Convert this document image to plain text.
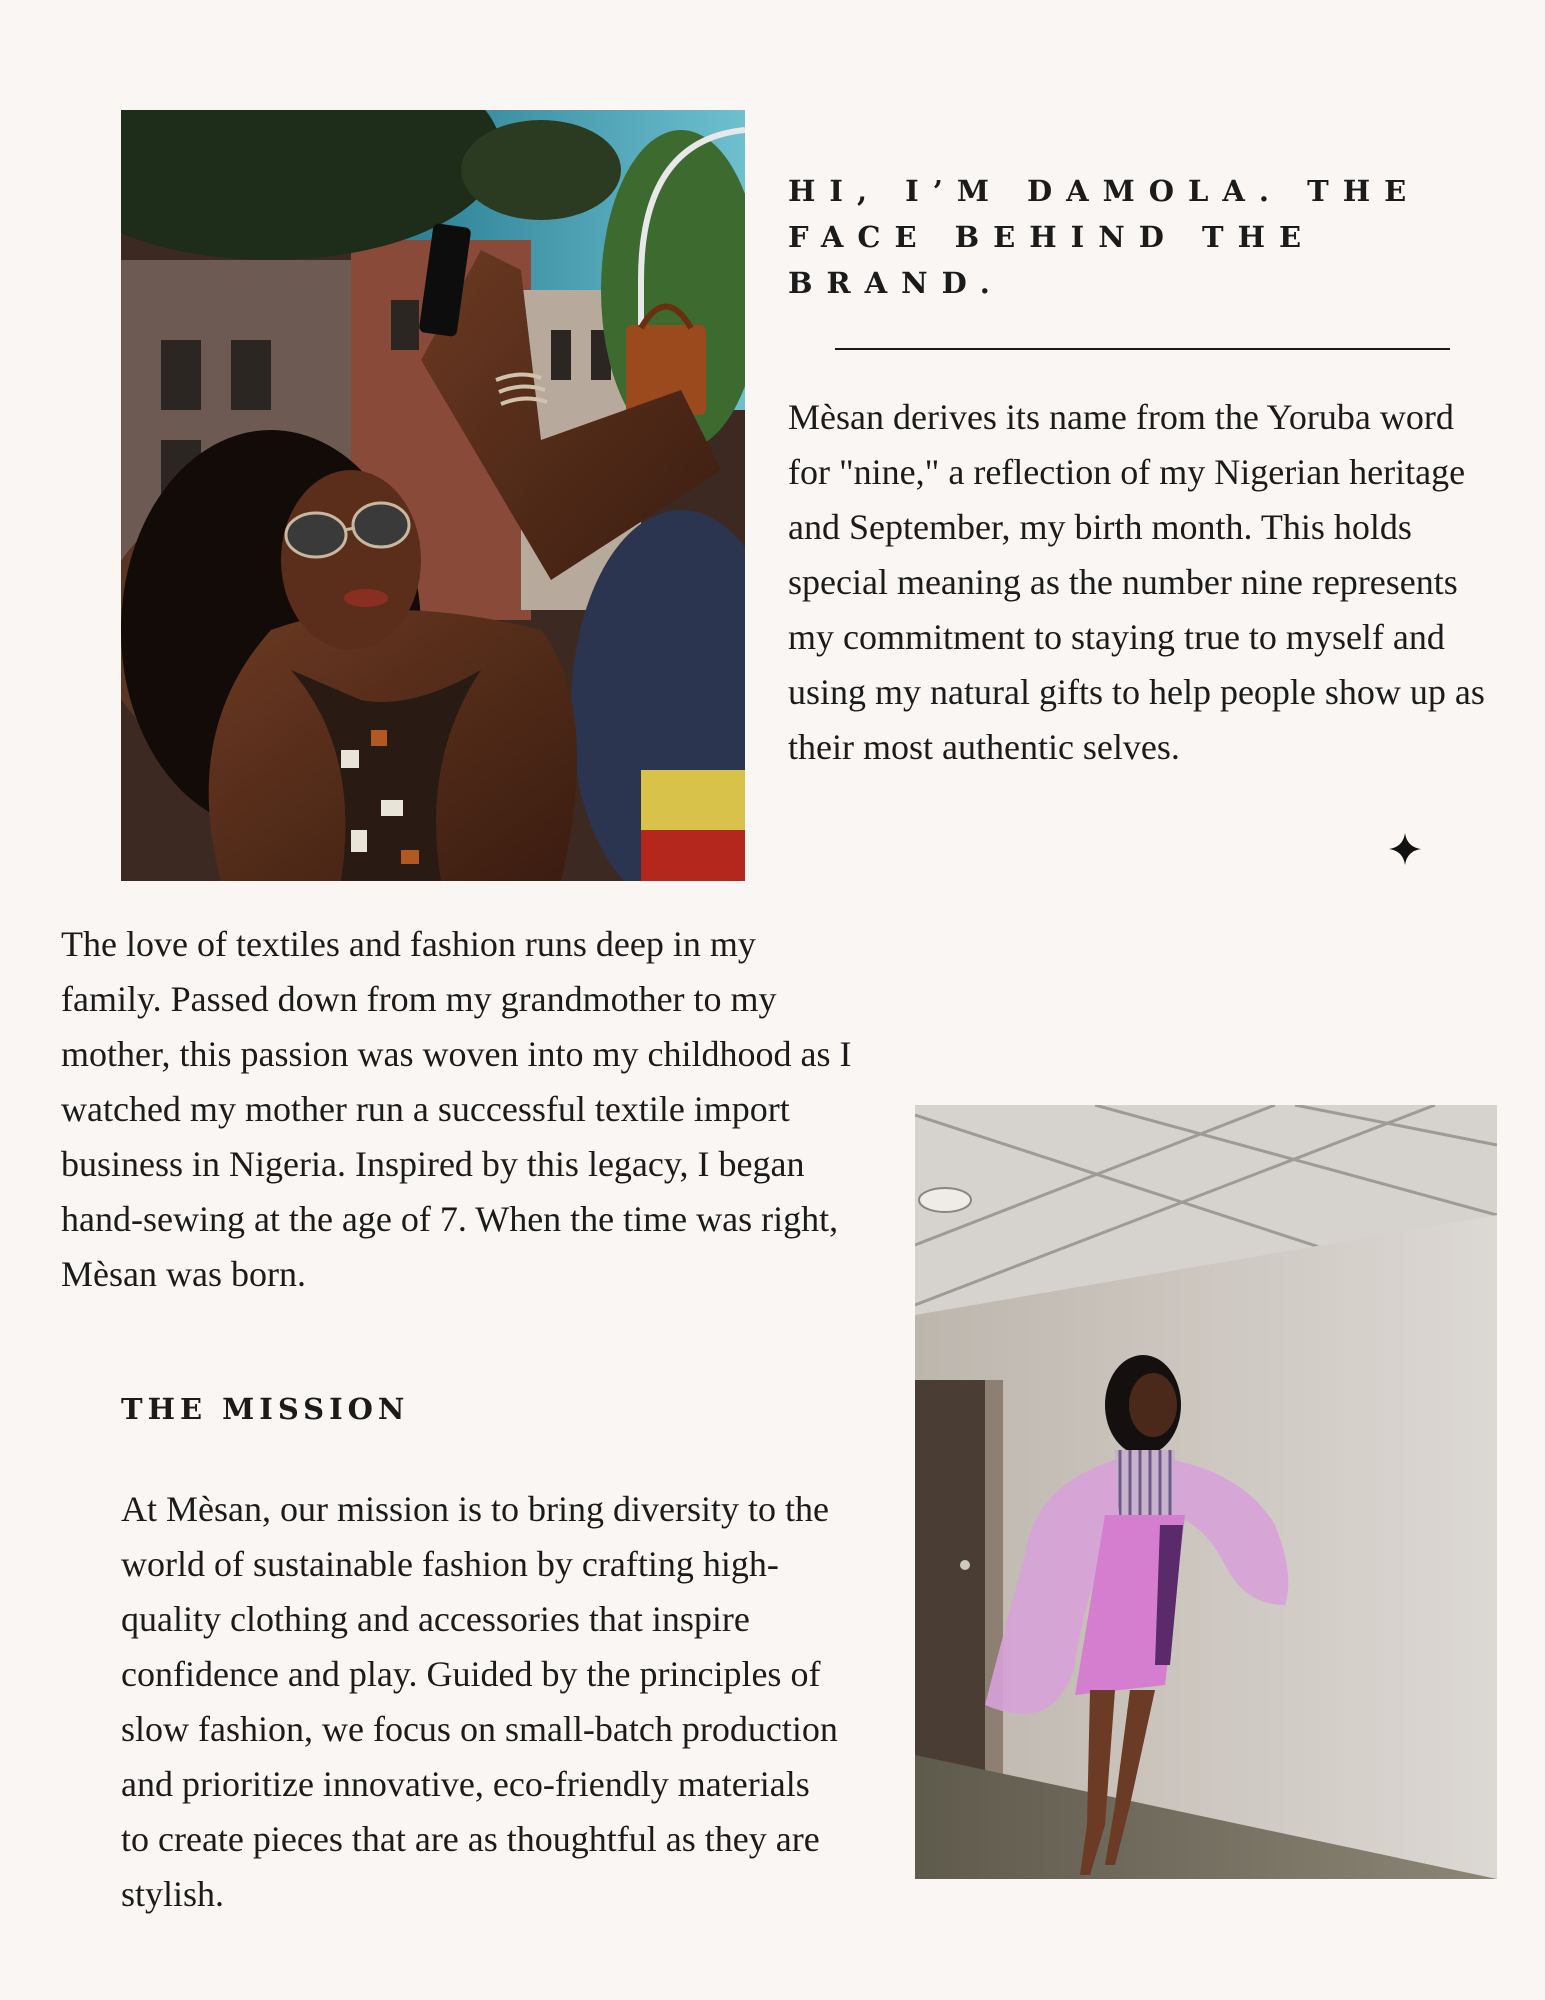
HI, I’M DAMOLA. THE FACE BEHIND THE BRAND.

Mèsan derives its name from the Yoruba word for "nine," a reflection of my Nigerian heritage and September, my birth month. This holds special meaning as the number nine represents my commitment to staying true to myself and using my natural gifts to help people show up as their most authentic selves.

The love of textiles and fashion runs deep in my family. Passed down from my grandmother to my mother, this passion was woven into my childhood as I watched my mother run a successful textile import business in Nigeria. Inspired by this legacy, I began hand-sewing at the age of 7. When the time was right, Mèsan was born.

THE MISSION

At Mèsan, our mission is to bring diversity to the world of sustainable fashion by crafting high-quality clothing and accessories that inspire confidence and play. Guided by the principles of slow fashion, we focus on small-batch production and prioritize innovative, eco-friendly materials to create pieces that are as thoughtful as they are stylish.
